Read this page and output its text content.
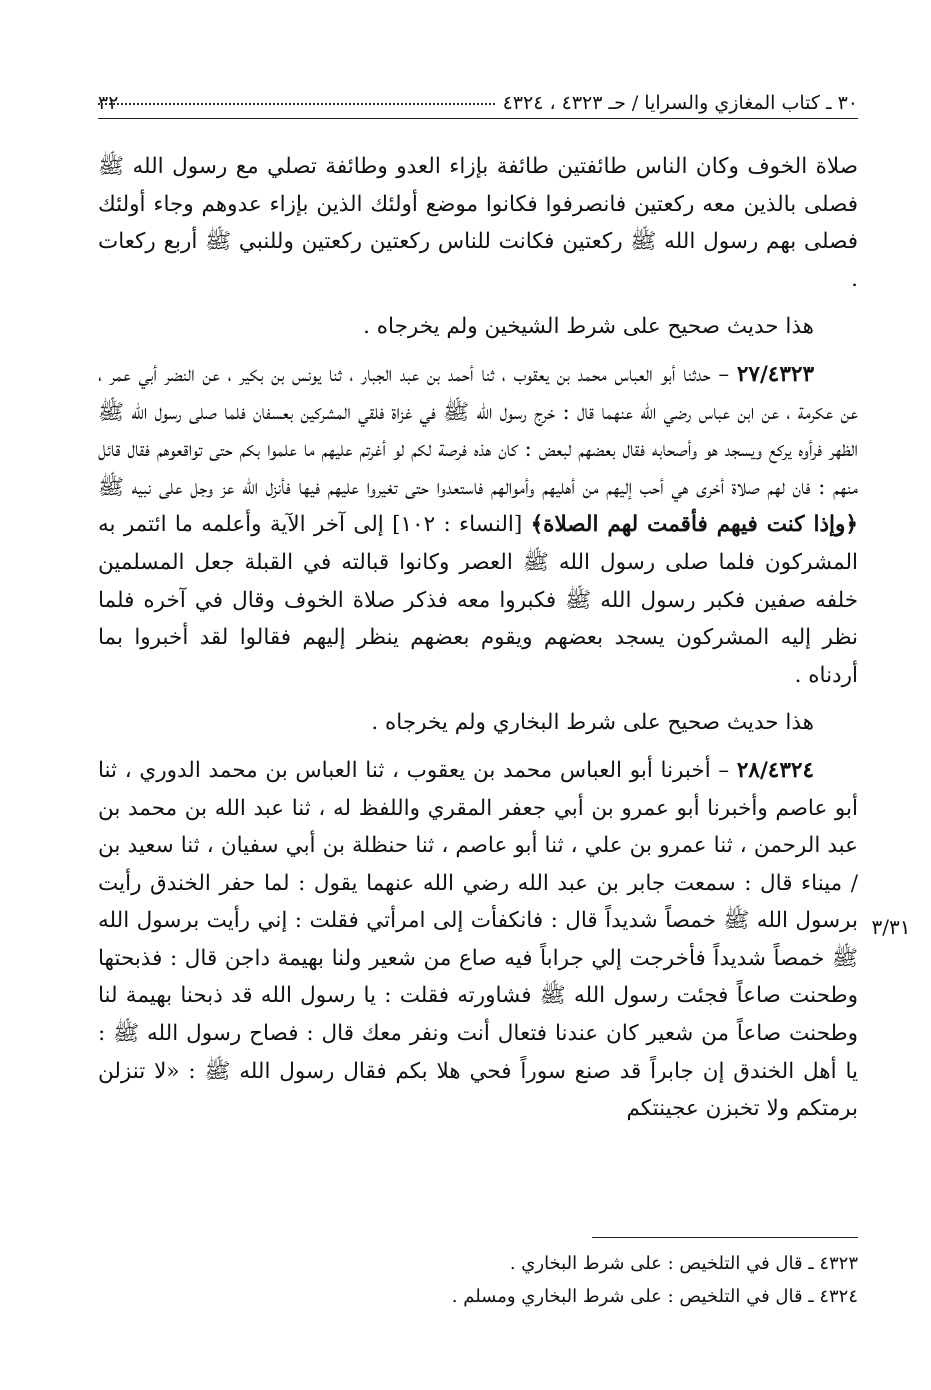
٣٠ ـ كتاب المغازي والسرايا / حـ ٤٣٢٣ ، ٤٣٢٤
٣٢

صلاة الخوف وكان الناس طائفتين طائفة بإزاء العدو وطائفة تصلي مع رسول الله ﷺ فصلى بالذين معه ركعتين فانصرفوا فكانوا موضع أولئك الذين بإزاء عدوهم وجاء أولئك فصلى بهم رسول الله ﷺ ركعتين فكانت للناس ركعتين ركعتين وللنبي ﷺ أربع ركعات .

هذا حديث صحيح على شرط الشيخين ولم يخرجاه .

٢٧/٤٣٢٣ – حدثنا أبو العباس محمد بن يعقوب ، ثنا أحمد بن عبد الجبار ، ثنا يونس بن بكير ، عن النضر أبي عمر ، عن عكرمة ، عن ابن عباس رضي الله عنهما قال : خرج رسول الله ﷺ في غزاة فلقي المشركين بعسفان فلما صلى رسول الله ﷺ الظهر فرأوه يركع ويسجد هو وأصحابه فقال بعضهم لبعض : كان هذه فرصة لكم لو أغرتم عليهم ما علموا بكم حتى تواقعوهم فقال قائل منهم : فان لهم صلاة أخرى هي أحب إليهم من أهليهم وأموالهم فاستعدوا حتى تغيروا عليهم فيها فأنزل الله عز وجل على نبيه ﷺ ﴿وإذا كنت فيهم فأقمت لهم الصلاة﴾ [النساء : ١٠٢] إلى آخر الآية وأعلمه ما ائتمر به المشركون فلما صلى رسول الله ﷺ العصر وكانوا قبالته في القبلة جعل المسلمين خلفه صفين فكبر رسول الله ﷺ فكبروا معه فذكر صلاة الخوف وقال في آخره فلما نظر إليه المشركون يسجد بعضهم ويقوم بعضهم ينظر إليهم فقالوا لقد أخبروا بما أردناه .

هذا حديث صحيح على شرط البخاري ولم يخرجاه .

٢٨/٤٣٢٤ – أخبرنا أبو العباس محمد بن يعقوب ، ثنا العباس بن محمد الدوري ، ثنا أبو عاصم وأخبرنا أبو عمرو بن أبي جعفر المقري واللفظ له ، ثنا عبد الله بن محمد بن عبد الرحمن ، ثنا عمرو بن علي ، ثنا أبو عاصم ، ثنا حنظلة بن أبي سفيان ، ثنا سعيد بن / ميناء قال : سمعت جابر بن عبد الله رضي الله عنهما يقول : لما حفر الخندق رأيت برسول الله ﷺ خمصاً شديداً قال : فانكفأت إلى امرأتي فقلت : إني رأيت برسول الله ﷺ خمصاً شديداً فأخرجت إلي جراباً فيه صاع من شعير ولنا بهيمة داجن قال : فذبحتها وطحنت صاعاً فجئت رسول الله ﷺ فشاورته فقلت : يا رسول الله قد ذبحنا بهيمة لنا وطحنت صاعاً من شعير كان عندنا فتعال أنت ونفر معك قال : فصاح رسول الله ﷺ : يا أهل الخندق إن جابراً قد صنع سوراً فحي هلا بكم فقال رسول الله ﷺ : «لا تنزلن برمتكم ولا تخبزن عجينتكم

٣/٣١

٤٣٢٣ ـ قال في التلخيص : على شرط البخاري .

٤٣٢٤ ـ قال في التلخيص : على شرط البخاري ومسلم .
